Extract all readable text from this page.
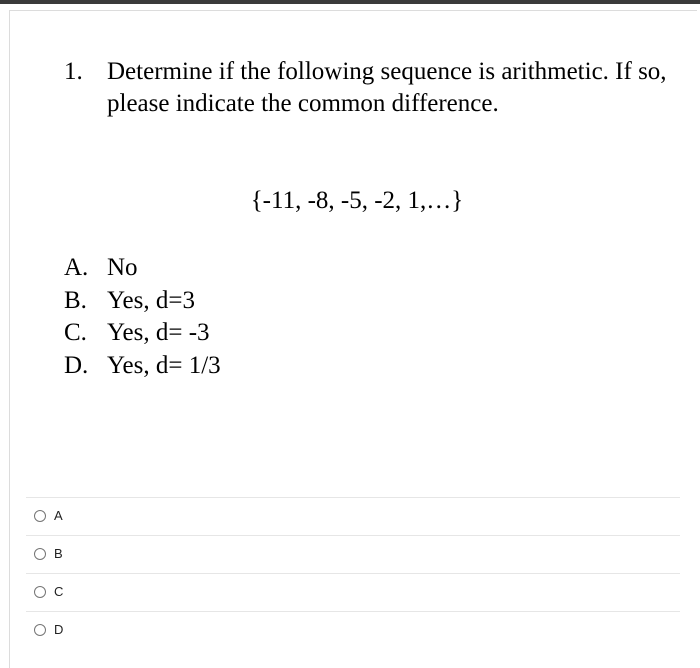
1. Determine if the following sequence is arithmetic. If so, please indicate the common difference.
{-11, -8, -5, -2, 1,…}
A. No
B. Yes, d=3
C. Yes, d= -3
D. Yes, d= 1/3
A
B
C
D
